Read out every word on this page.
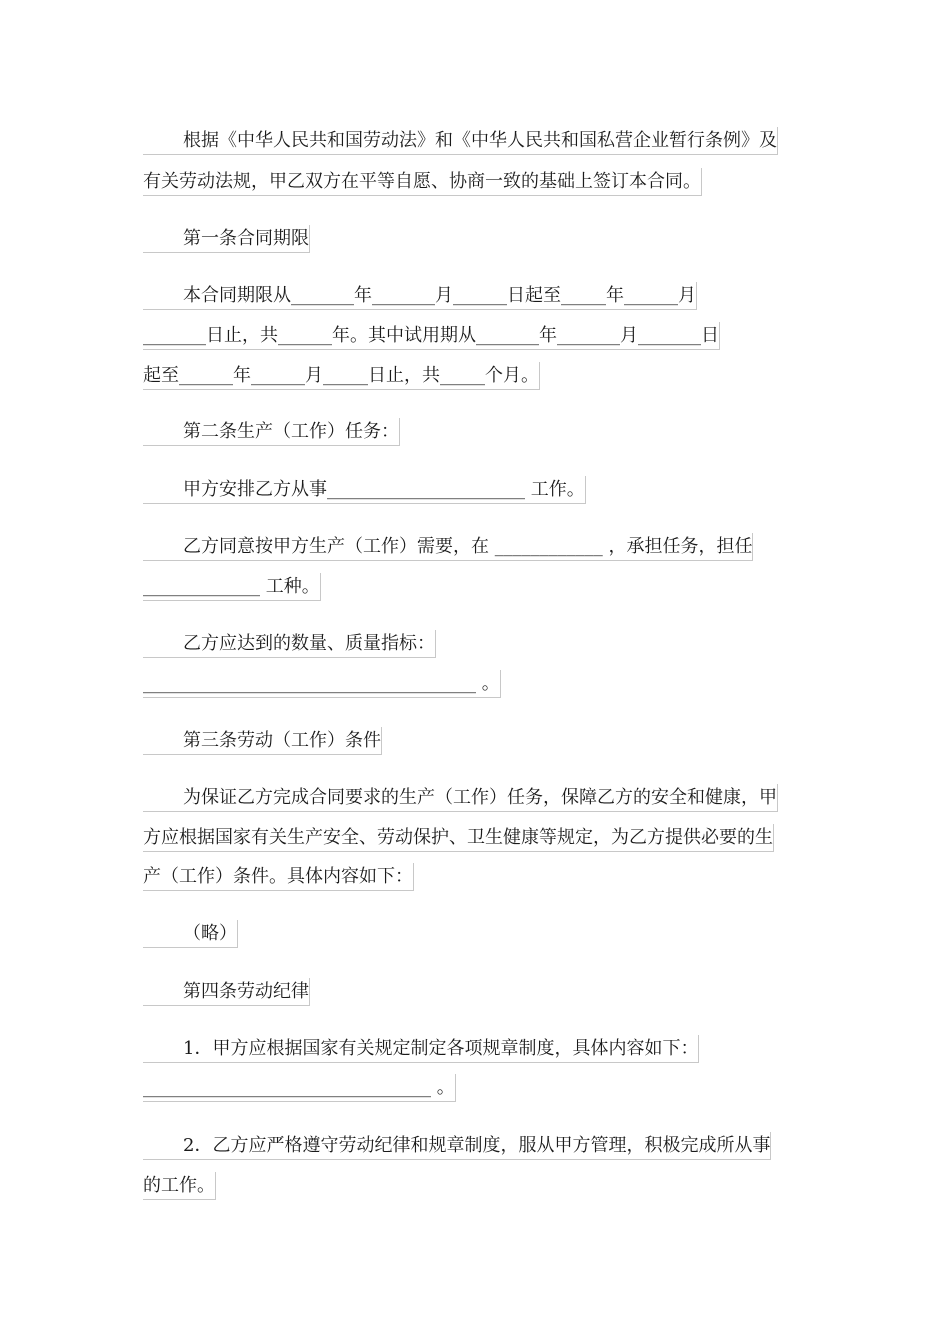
根据《中华人民共和国劳动法》和《中华人民共和国私营企业暂行条例》及
有关劳动法规，甲乙双方在平等自愿、协商一致的基础上签订本合同。
第一条合同期限
本合同期限从_______年_______月______日起至_____年______月
_______日止，共______年。其中试用期从_______年_______月_______日
起至______年______月_____日止，共_____个月。
第二条生产（工作）任务：
甲方安排乙方从事______________________ 工作。
乙方同意按甲方生产（工作）需要，在 ____________ ，承担任务，担任
_____________ 工种。
乙方应达到的数量、质量指标：
_____________________________________ 。
第三条劳动（工作）条件
为保证乙方完成合同要求的生产（工作）任务，保障乙方的安全和健康，甲
方应根据国家有关生产安全、劳动保护、卫生健康等规定，为乙方提供必要的生
产（工作）条件。具体内容如下：
（略）
第四条劳动纪律
1．甲方应根据国家有关规定制定各项规章制度，具体内容如下：
________________________________ 。
2．乙方应严格遵守劳动纪律和规章制度，服从甲方管理，积极完成所从事
的工作。
